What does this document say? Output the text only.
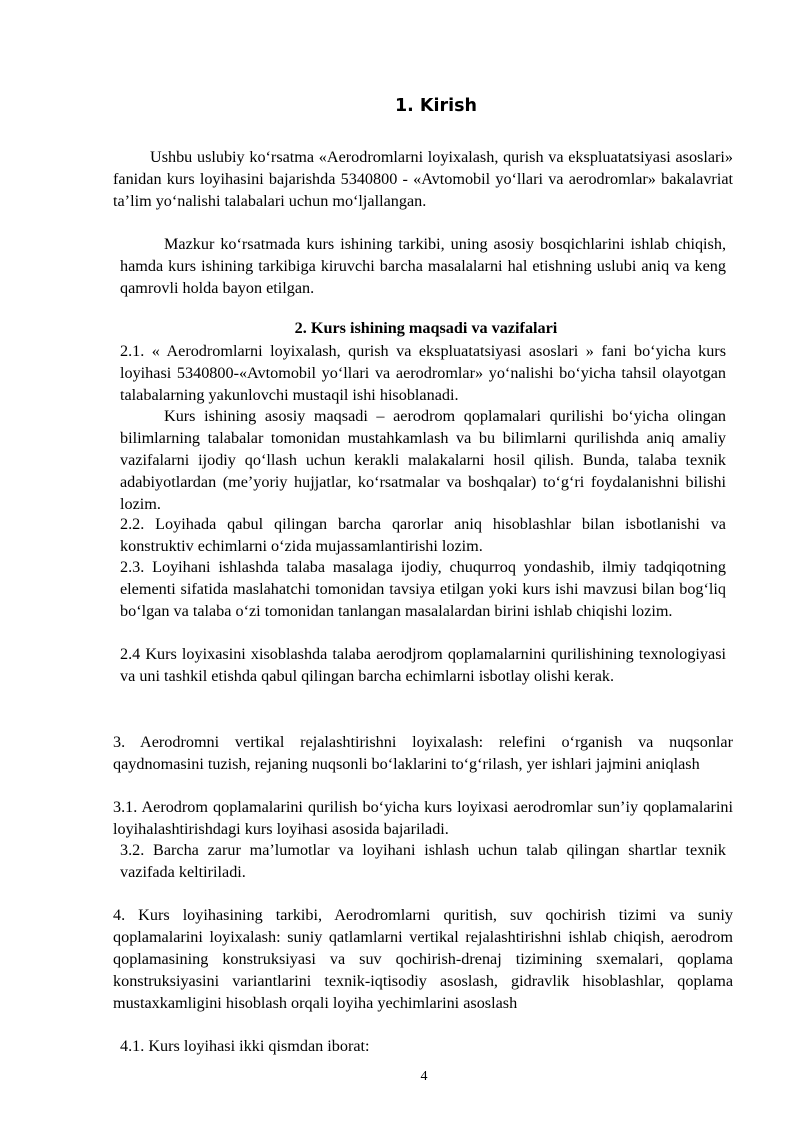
1. Kirish

Ushbu uslubiy ko‘rsatma «Aerodromlarni loyixalash, qurish va ekspluatatsiyasi asoslari» fanidan kurs loyihasini bajarishda 5340800 - «Avtomobil yo‘llari va aerodromlar» bakalavriat ta’lim yo‘nalishi talabalari uchun mo‘ljallangan.

Mazkur ko‘rsatmada kurs ishining tarkibi, uning asosiy bosqichlarini ishlab chiqish, hamda kurs ishining tarkibiga kiruvchi barcha masalalarni hal etishning uslubi aniq va keng qamrovli holda bayon etilgan.

2. Kurs ishining maqsadi va vazifalari

2.1. « Aerodromlarni loyixalash, qurish va ekspluatatsiyasi asoslari » fani bo‘yicha kurs loyihasi 5340800-«Avtomobil yo‘llari va aerodromlar» yo‘nalishi bo‘yicha tahsil olayotgan talabalarning yakunlovchi mustaqil ishi hisoblanadi.

Kurs ishining asosiy maqsadi – aerodrom qoplamalari qurilishi bo‘yicha olingan bilimlarning talabalar tomonidan mustahkamlash va bu bilimlarni qurilishda aniq amaliy vazifalarni ijodiy qo‘llash uchun kerakli malakalarni hosil qilish. Bunda, talaba texnik adabiyotlardan (me’yoriy hujjatlar, ko‘rsatmalar va boshqalar) to‘g‘ri foydalanishni bilishi lozim.

2.2. Loyihada qabul qilingan barcha qarorlar aniq hisoblashlar bilan isbotlanishi va konstruktiv echimlarni o‘zida mujassamlantirishi lozim.

2.3. Loyihani ishlashda talaba masalaga ijodiy, chuqurroq yondashib, ilmiy tadqiqotning elementi sifatida maslahatchi tomonidan tavsiya etilgan yoki kurs ishi mavzusi bilan bog‘liq bo‘lgan va talaba o‘zi tomonidan tanlangan masalalardan birini ishlab chiqishi lozim.

2.4 Kurs loyixasini xisoblashda talaba aerodjrom qoplamalarnini qurilishining texnologiyasi va uni tashkil etishda qabul qilingan barcha echimlarni isbotlay olishi kerak.

3. Aerodromni vertikal rejalashtirishni loyixalash: relefini o‘rganish va nuqsonlar qaydnomasini tuzish, rejaning nuqsonli bo‘laklarini to‘g‘rilash, yer ishlari jajmini aniqlash

3.1. Aerodrom qoplamalarini qurilish bo‘yicha kurs loyixasi aerodromlar sun’iy qoplamalarini loyihalashtirishdagi kurs loyihasi asosida bajariladi.

3.2. Barcha zarur ma’lumotlar va loyihani ishlash uchun talab qilingan shartlar texnik vazifada keltiriladi.

4. Kurs loyihasining tarkibi, Aerodromlarni quritish, suv qochirish tizimi va suniy qoplamalarini loyixalash: suniy qatlamlarni vertikal rejalashtirishni ishlab chiqish, aerodrom qoplamasining konstruksiyasi va suv qochirish-drenaj tizimining sxemalari, qoplama konstruksiyasini variantlarini texnik-iqtisodiy asoslash, gidravlik hisoblashlar, qoplama mustaxkamligini hisoblash orqali loyiha yechimlarini asoslash

4.1. Kurs loyihasi ikki qismdan iborat:

4
